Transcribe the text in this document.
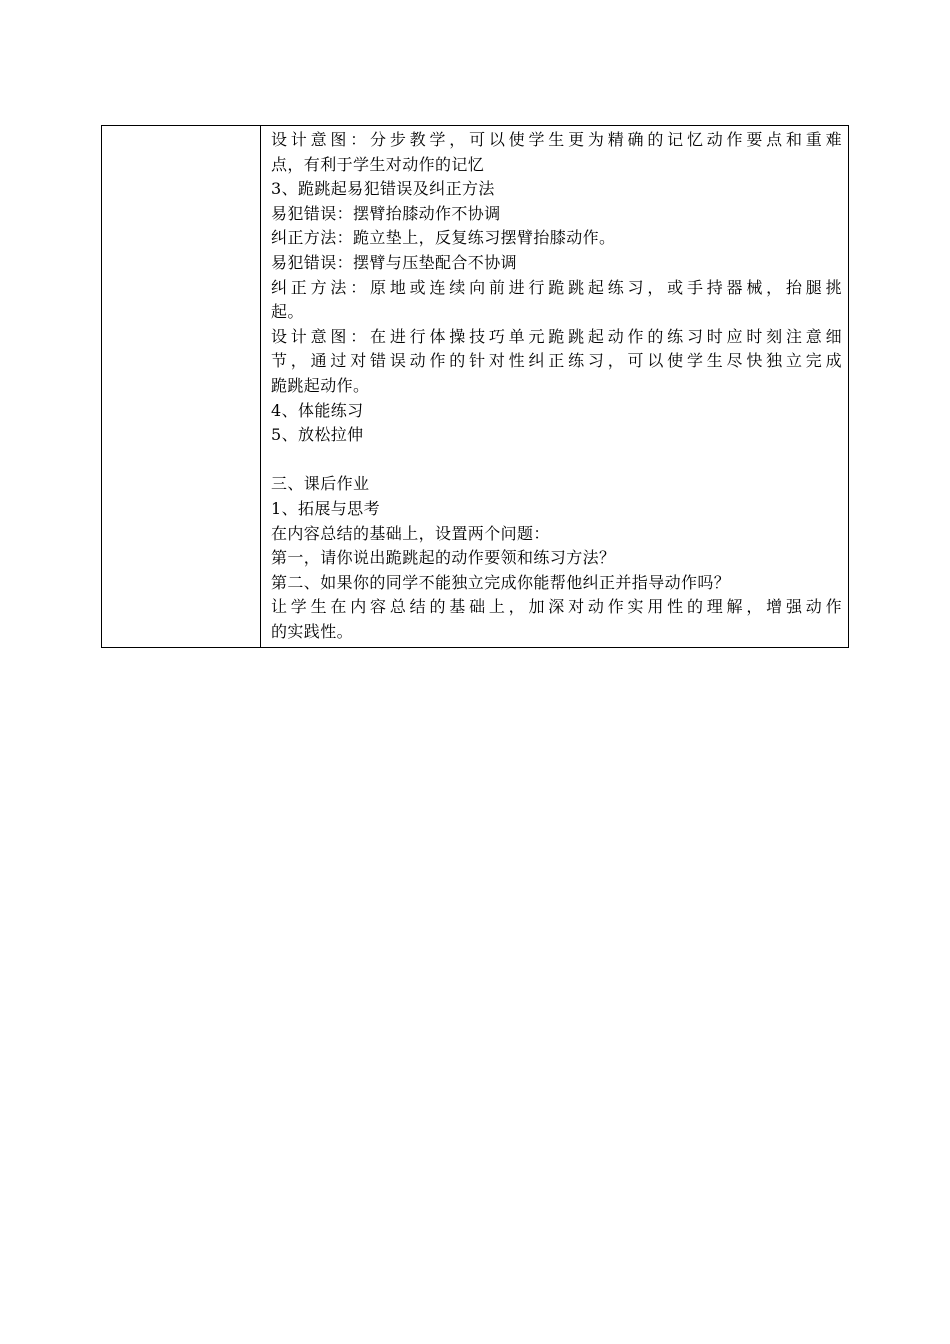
设计意图：分步教学，可以使学生更为精确的记忆动作要点和重难
点，有利于学生对动作的记忆
3、跪跳起易犯错误及纠正方法
易犯错误：摆臂抬膝动作不协调
纠正方法：跪立垫上，反复练习摆臂抬膝动作。
易犯错误：摆臂与压垫配合不协调
纠正方法：原地或连续向前进行跪跳起练习，或手持器械，抬腿挑
起。
设计意图：在进行体操技巧单元跪跳起动作的练习时应时刻注意细
节，通过对错误动作的针对性纠正练习，可以使学生尽快独立完成
跪跳起动作。
4、体能练习
5、放松拉伸
三、课后作业
1、拓展与思考
在内容总结的基础上，设置两个问题：
第一，请你说出跪跳起的动作要领和练习方法？
第二、如果你的同学不能独立完成你能帮他纠正并指导动作吗？
让学生在内容总结的基础上，加深对动作实用性的理解，增强动作
的实践性。
